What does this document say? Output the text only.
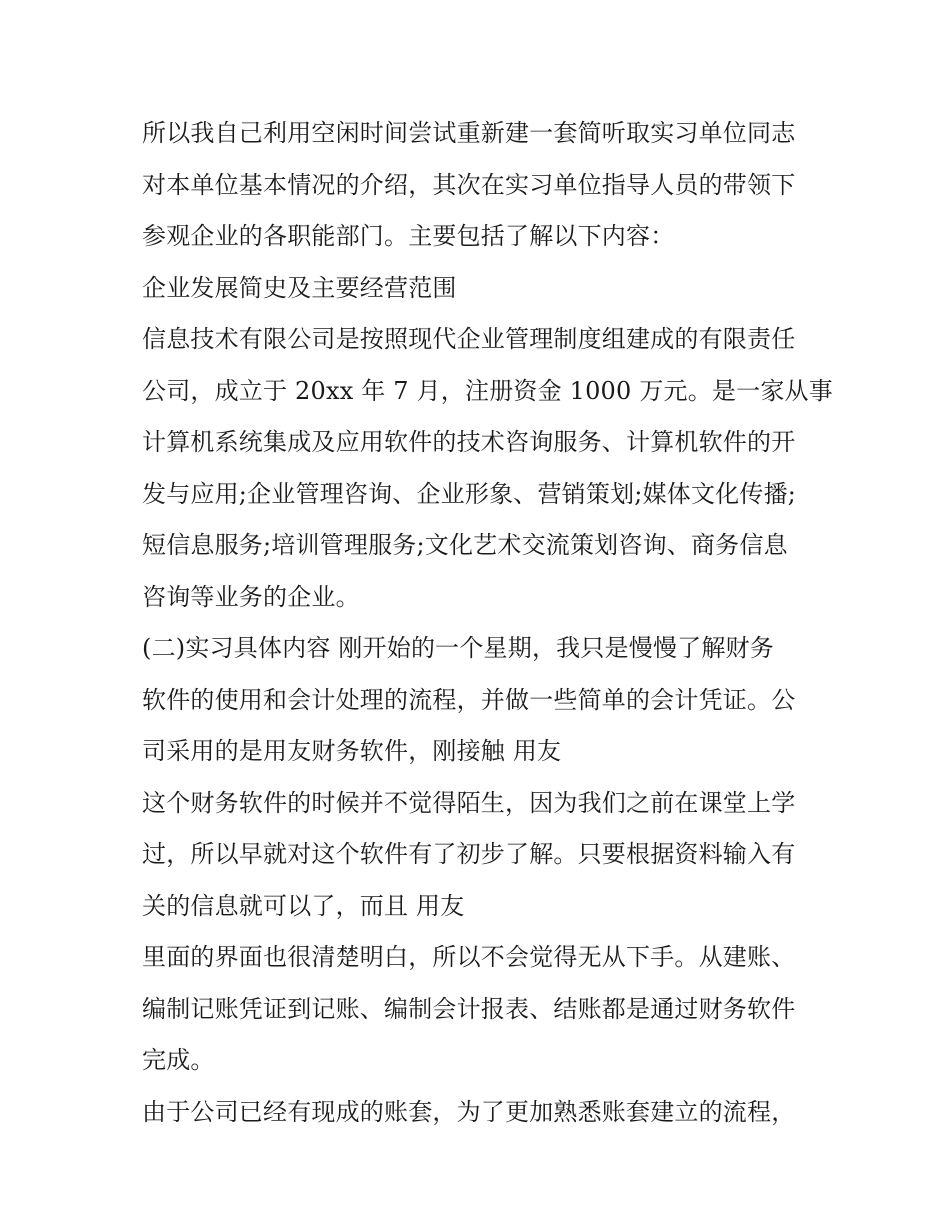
所以我自己利用空闲时间尝试重新建一套简听取实习单位同志
对本单位基本情况的介绍，其次在实习单位指导人员的带领下
参观企业的各职能部门。主要包括了解以下内容：
企业发展简史及主要经营范围
信息技术有限公司是按照现代企业管理制度组建成的有限责任
公司，成立于 20xx 年 7 月，注册资金 1000 万元。是一家从事
计算机系统集成及应用软件的技术咨询服务、计算机软件的开
发与应用;企业管理咨询、企业形象、营销策划;媒体文化传播;
短信息服务;培训管理服务;文化艺术交流策划咨询、商务信息
咨询等业务的企业。
(二)实习具体内容 刚开始的一个星期，我只是慢慢了解财务
软件的使用和会计处理的流程，并做一些简单的会计凭证。公
司采用的是用友财务软件，刚接触 用友
这个财务软件的时候并不觉得陌生，因为我们之前在课堂上学
过，所以早就对这个软件有了初步了解。只要根据资料输入有
关的信息就可以了，而且 用友
里面的界面也很清楚明白，所以不会觉得无从下手。从建账、
编制记账凭证到记账、编制会计报表、结账都是通过财务软件
完成。
由于公司已经有现成的账套，为了更加熟悉账套建立的流程，
